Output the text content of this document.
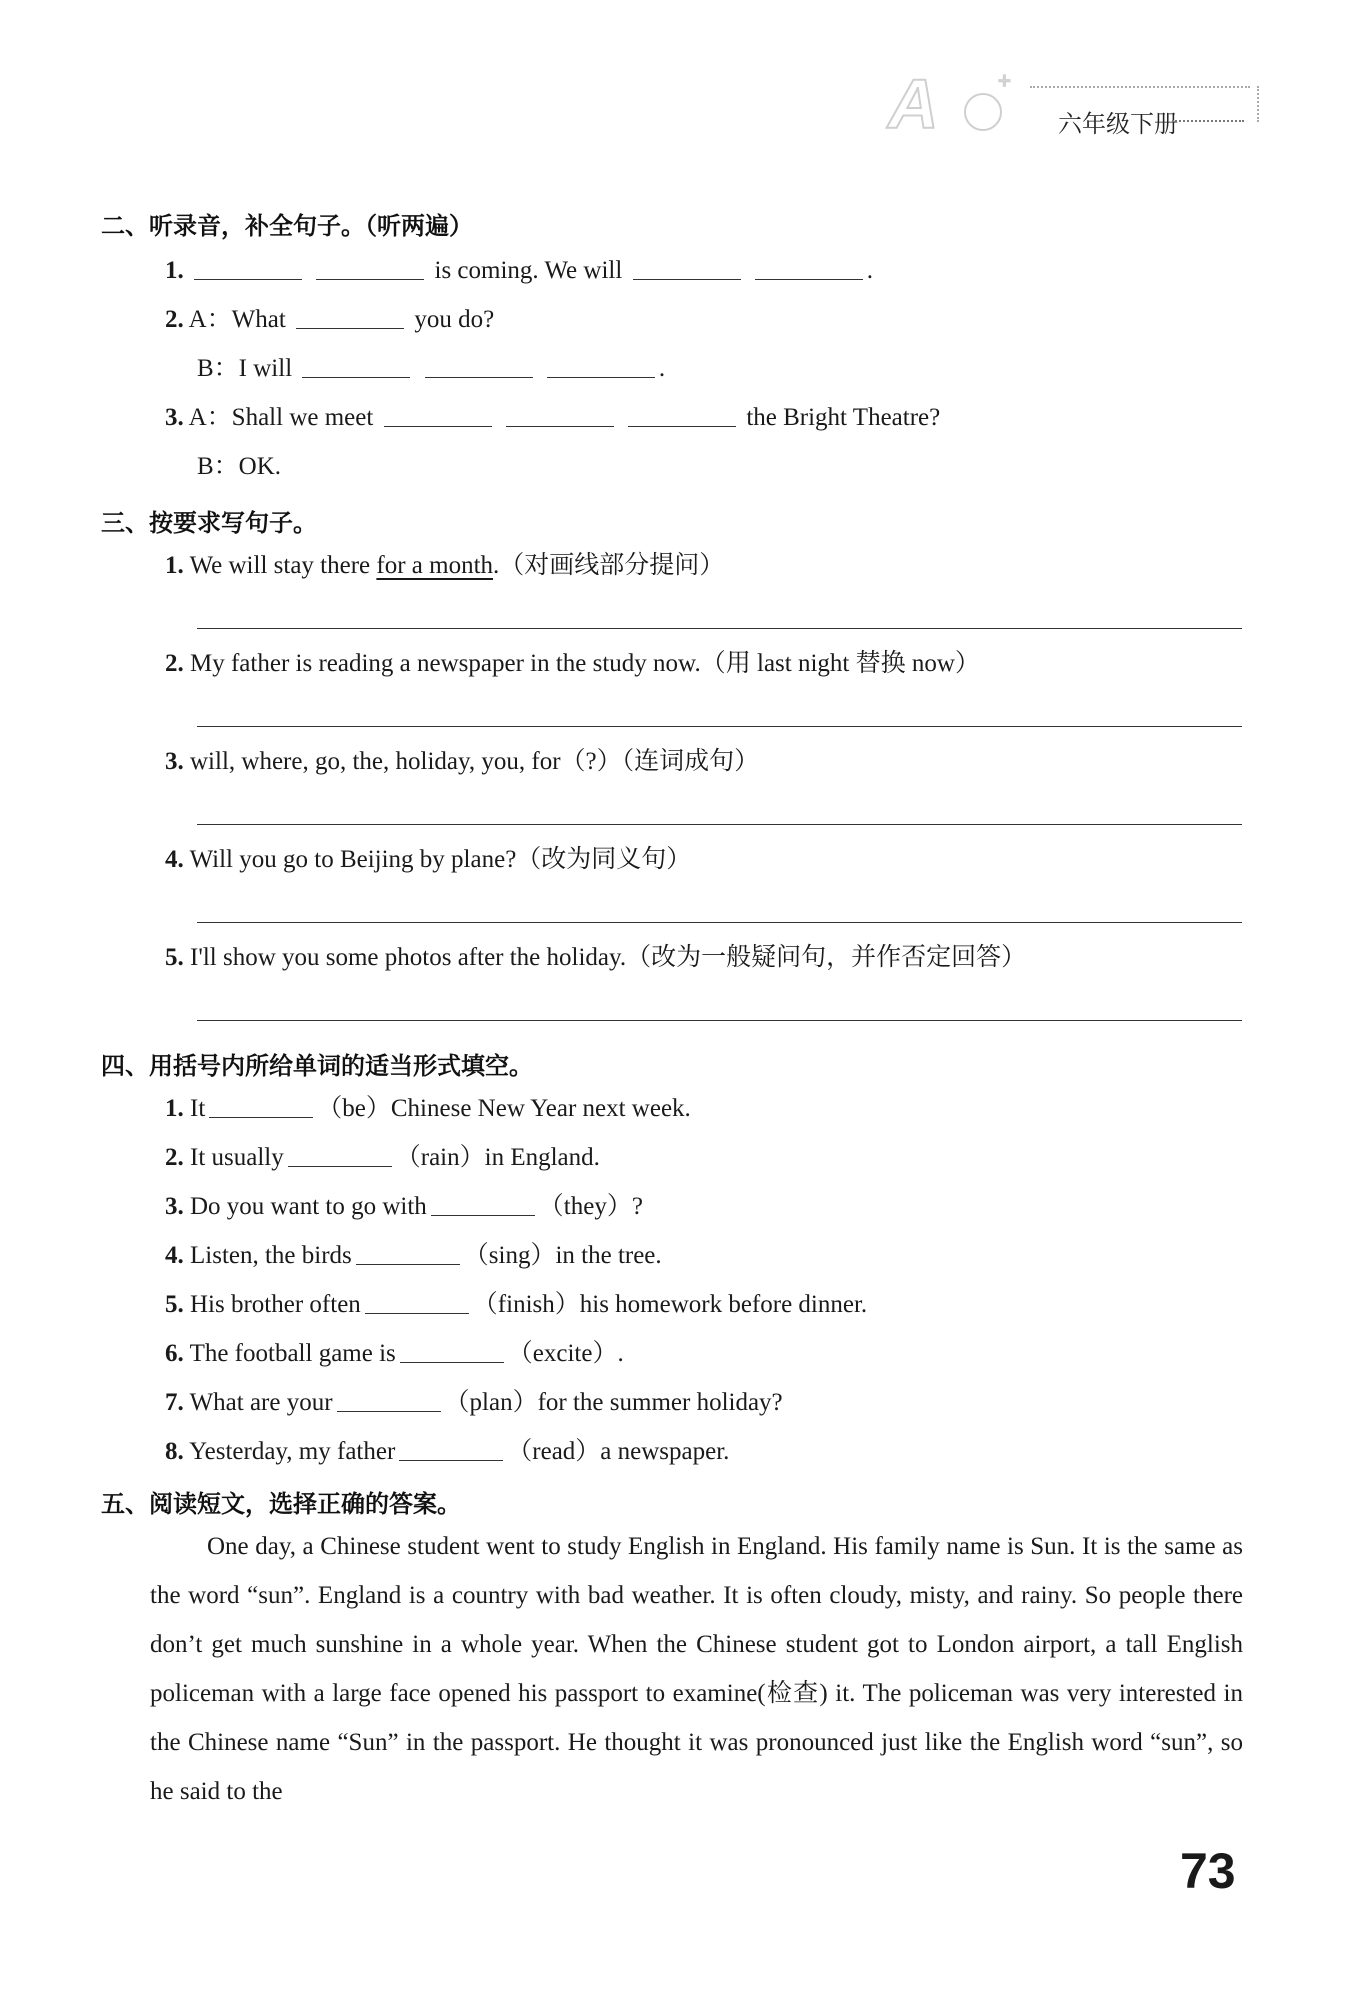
A	+
六年级下册
二、听录音，补全句子。（听两遍）
1.	is coming. We will	.
2. A：What	you do?
B：I will	.
3. A：Shall we meet	the Bright Theatre?
B：OK.
三、按要求写句子。
1. We will stay there for a month.（对画线部分提问）
2. My father is reading a newspaper in the study now.（用 last night 替换 now）
3. will, where, go, the, holiday, you, for（?）（连词成句）
4. Will you go to Beijing by plane?（改为同义句）
5. I'll show you some photos after the holiday.（改为一般疑问句，并作否定回答）
四、用括号内所给单词的适当形式填空。
1. It	（be）Chinese New Year next week.
2. It usually	（rain）in England.
3. Do you want to go with	（they）?
4. Listen, the birds	（sing）in the tree.
5. His brother often	（finish）his homework before dinner.
6. The football game is	（excite）.
7. What are your	（plan）for the summer holiday?
8. Yesterday, my father	（read）a newspaper.
五、阅读短文，选择正确的答案。
One day, a Chinese student went to study English in England. His family name is Sun. It is the same as the word “sun”. England is a country with bad weather. It is often cloudy, misty, and rainy. So people there don’t get much sunshine in a whole year. When the Chinese student got to London airport, a tall English policeman with a large face opened his passport to examine(检查) it. The policeman was very interested in the Chinese name “Sun” in the passport. He thought it was pronounced just like the English word “sun”, so he said to the
73
